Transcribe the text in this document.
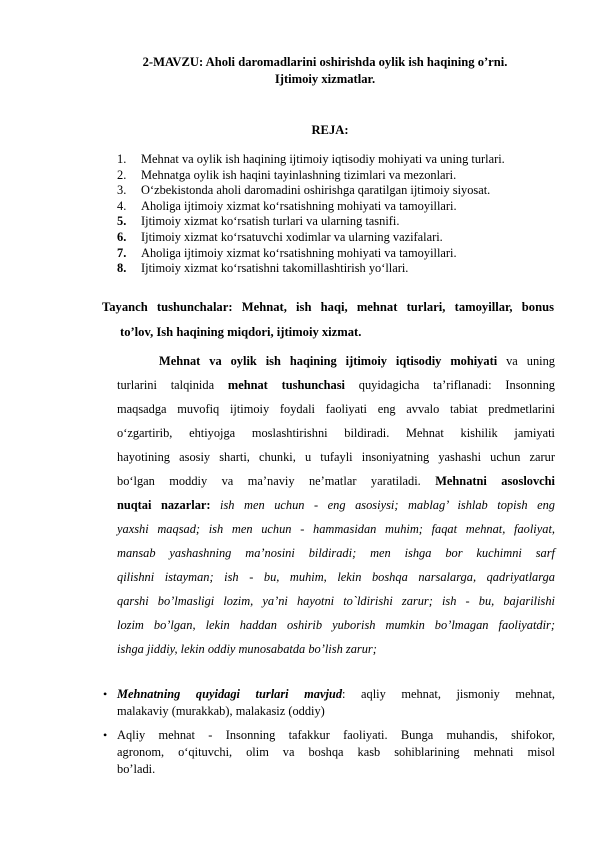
2-MAVZU: Aholi daromadlarini oshirishda oylik ish haqining o’rni.
Ijtimoiy xizmatlar.
REJA:
1.	Mehnat va oylik ish haqining ijtimoiy iqtisodiy mohiyati va uning turlari.
2.	Mehnatga oylik ish haqini tayinlashning tizimlari va mezonlari.
3.	O‘zbekistonda aholi daromadini oshirishga qaratilgan ijtimoiy siyosat.
4.	Aholiga ijtimoiy xizmat ko‘rsatishning mohiyati va tamoyillari.
5.	Ijtimoiy xizmat ko‘rsatish turlari va ularning tasnifi.
6.	Ijtimoiy xizmat ko‘rsatuvchi xodimlar va ularning vazifalari.
7.	Aholiga ijtimoiy xizmat ko‘rsatishning mohiyati va tamoyillari.
8.	Ijtimoiy xizmat ko‘rsatishni takomillashtirish yo‘llari.
Tayanch tushunchalar: Mehnat, ish haqi, mehnat turlari, tamoyillar, bonus
to’lov, Ish haqining miqdori, ijtimoiy xizmat.
Mehnat va oylik ish haqining ijtimoiy iqtisodiy mohiyati va uning
turlarini talqinida mehnat tushunchasi quyidagicha ta’riflanadi: Insonning
maqsadga muvofiq ijtimoiy foydali faoliyati eng avvalo tabiat predmetlarini
o‘zgartirib, ehtiyojga moslashtirishni bildiradi. Mehnat kishilik jamiyati
hayotining asosiy sharti, chunki, u tufayli insoniyatning yashashi uchun zarur
bo‘lgan moddiy va ma’naviy ne’matlar yaratiladi. Mehnatni asoslovchi
nuqtai nazarlar: ish men uchun - eng asosiysi; mablag’ ishlab topish eng
yaxshi maqsad; ish men uchun - hammasidan muhim; faqat mehnat, faoliyat,
mansab yashashning ma’nosini bildiradi; men ishga bor kuchimni sarf
qilishni istayman; ish - bu, muhim, lekin boshqa narsalarga, qadriyatlarga
qarshi bo’lmasligi lozim, ya’ni hayotni to`ldirishi zarur; ish - bu, bajarilishi
lozim bo’lgan, lekin haddan oshirib yuborish mumkin bo’lmagan faoliyatdir;
ishga jiddiy, lekin oddiy munosabatda bo’lish zarur;
• Mehnatning quyidagi turlari mavjud: aqliy mehnat, jismoniy mehnat,
malakaviy (murakkab), malakasiz (oddiy)
• Aqliy mehnat - Insonning tafakkur faoliyati. Bunga muhandis, shifokor,
agronom, o‘qituvchi, olim va boshqa kasb sohiblarining mehnati misol
bo’ladi.
